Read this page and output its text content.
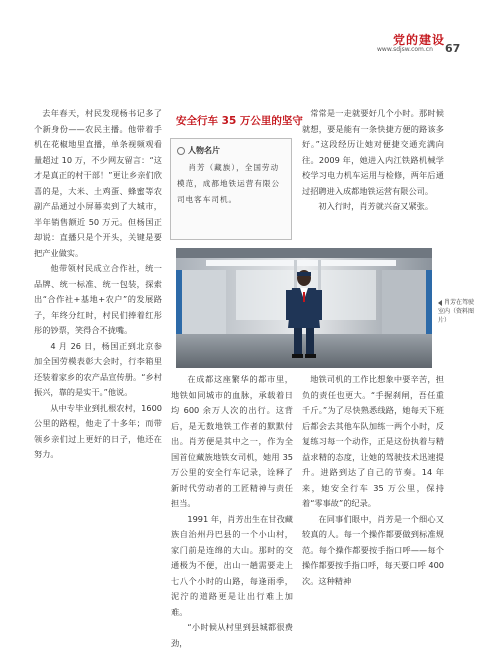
党的建设
www.sdjsw.com.cn 67

去年春天，村民发现杨书记多了个新身份——农民主播。他带着手机在花椒地里直播，单条视频观看量超过 10 万，不少网友留言：“这才是真正的村干部！”更让乡亲们欣喜的是，大米、土鸡蛋、蜂蜜等农副产品通过小屏幕卖到了大城市，半年销售额近 50 万元。但杨国正却说：直播只是个开头，关键是要把产业做实。

他带领村民成立合作社，统一品牌、统一标准、统一包装，探索出“合作社+基地+农户”的发展路子，年终分红时，村民们捧着红彤彤的钞票，笑得合不拢嘴。

4 月 26 日，杨国正到北京参加全国劳模表彰大会时，行李箱里还装着家乡的农产品宣传册。“乡村振兴，靠的是实干。”他说。

从中专毕业到扎根农村，1600 公里的路程，他走了十多年；而带领乡亲们过上更好的日子，他还在努力。

安全行车 35 万公里的坚守
人物名片
肖芳（藏族），全国劳动模范，成都地铁运营有限公司电客车司机。

常常是一走就要好几个小时。那时候就想，要是能有一条快捷方便的路该多好。”这段经历让她对便捷交通充满向往。2009 年，她进入内江铁路机械学校学习电力机车运用与检修，两年后通过招聘进入成都地铁运营有限公司。

初入行时，肖芳就兴奋又紧张。

肖芳在驾驶室内（资料图片）

在成都这座繁华的都市里，地铁如同城市的血脉，承载着日均 600 余万人次的出行。这背后，是无数地铁工作者的默默付出。肖芳便是其中之一，作为全国首位藏族地铁女司机，她用 35 万公里的安全行车记录，诠释了新时代劳动者的工匠精神与责任担当。

1991 年，肖芳出生在甘孜藏族自治州丹巴县的一个小山村，家门前是连绵的大山。那时的交通极为不便，出山一趟需要走上七八个小时的山路，每逢雨季，泥泞的道路更是让出行难上加难。

“小时候从村里到县城都很费劲，

地铁司机的工作比想象中要辛苦，担负的责任也更大。“手握刹闸，吾任重千斤。”为了尽快熟悉线路，她每天下班后都会去其他车队加练一两个小时，反复练习每一个动作，正是这份执着与精益求精的态度，让她的驾驶技术迅速提升。进路到达了自己的节奏。14 年来，她安全行车 35 万公里，保持着“零事故”的纪录。

在同事们眼中，肖芳是一个细心又较真的人。每一个操作都要做到标准规范。每个操作都要按手指口呼——每个操作都要按手指口呼，每天要口呼 400 次。这种精神
